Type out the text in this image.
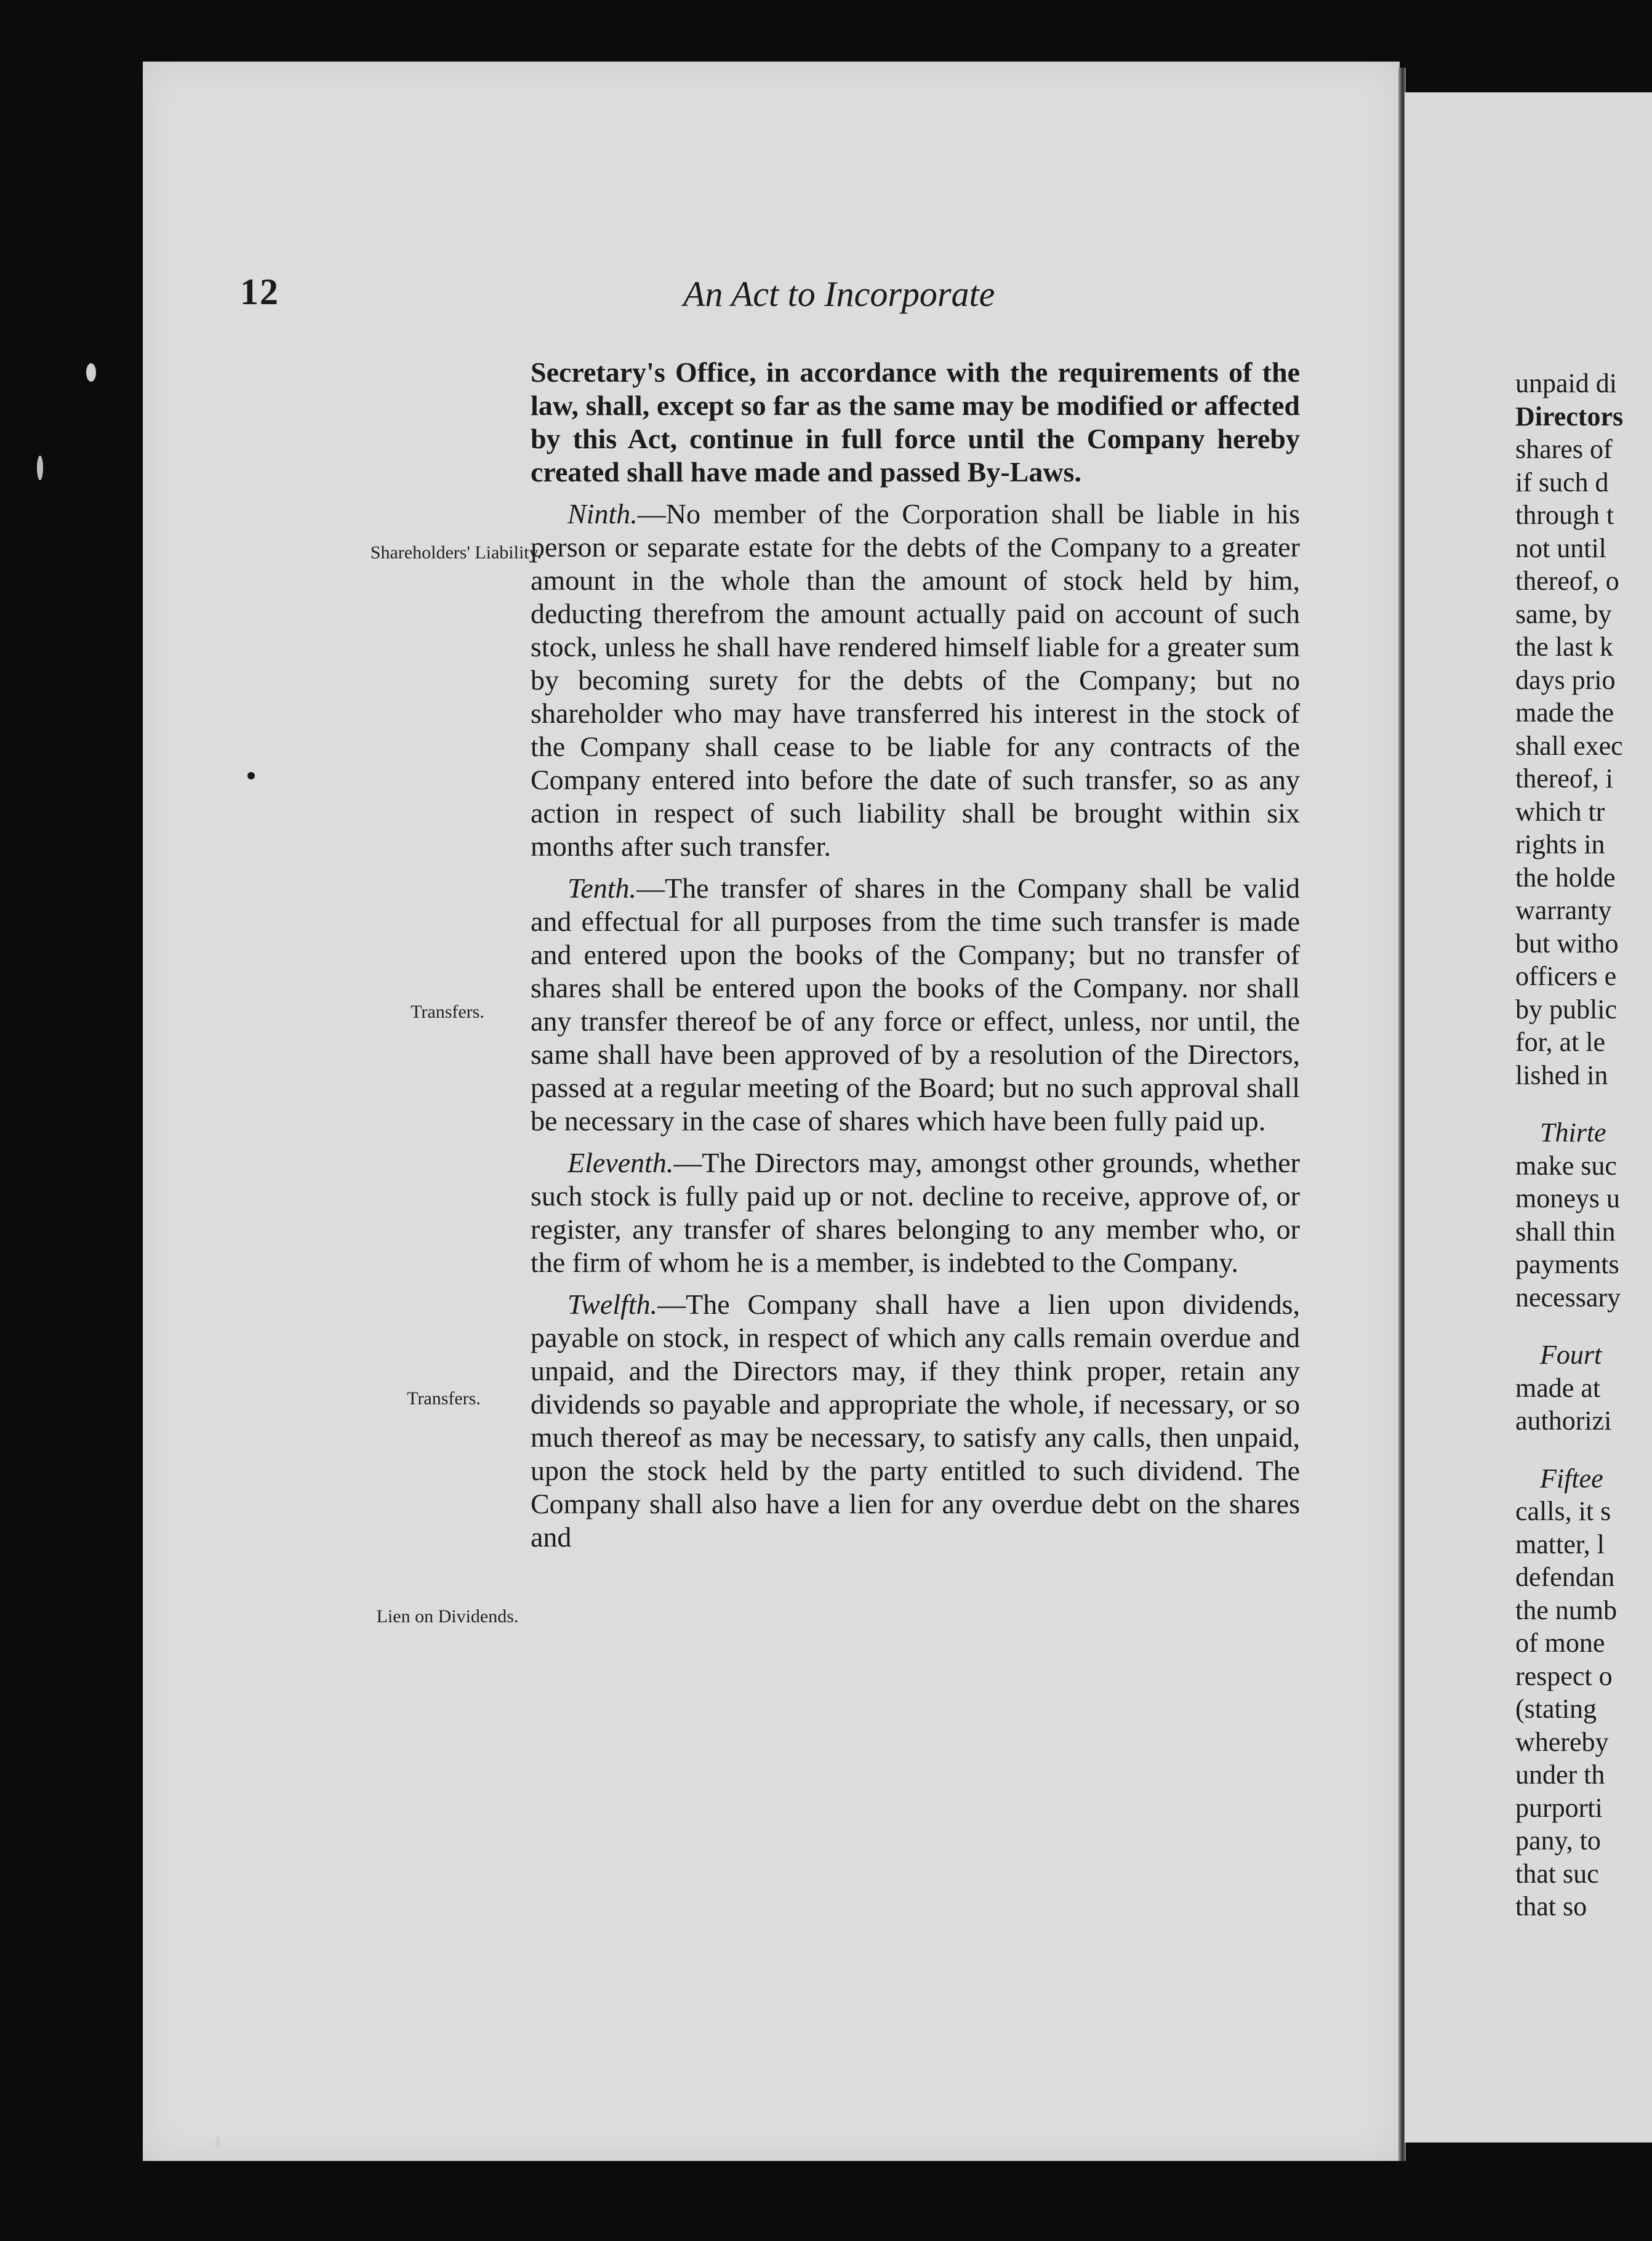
12	An Act to Incorporate

Secretary's Office, in accordance with the requirements of the law, shall, except so far as the same may be modified or affected by this Act, continue in full force until the Company hereby created shall have made and passed By-Laws.

Ninth.—No member of the Corporation shall be liable in his person or separate estate for the debts of the Company to a greater amount in the whole than the amount of stock held by him, deducting therefrom the amount actually paid on account of such stock, unless he shall have rendered himself liable for a greater sum by becoming surety for the debts of the Company; but no shareholder who may have transferred his interest in the stock of the Company shall cease to be liable for any contracts of the Company entered into before the date of such transfer, so as any action in respect of such liability shall be brought within six months after such transfer.

Tenth.—The transfer of shares in the Company shall be valid and effectual for all purposes from the time such transfer is made and entered upon the books of the Company; but no transfer of shares shall be entered upon the books of the Company. nor shall any transfer thereof be of any force or effect, unless, nor until, the same shall have been approved of by a resolution of the Directors, passed at a regular meeting of the Board; but no such approval shall be necessary in the case of shares which have been fully paid up.

Eleventh.—The Directors may, amongst other grounds, whether such stock is fully paid up or not. decline to receive, approve of, or register, any transfer of shares belonging to any member who, or the firm of whom he is a member, is indebted to the Company.

Twelfth.—The Company shall have a lien upon dividends, payable on stock, in respect of which any calls remain overdue and unpaid, and the Directors may, if they think proper, retain any dividends so payable and appropriate the whole, if necessary, or so much thereof as may be necessary, to satisfy any calls, then unpaid, upon the stock held by the party entitled to such dividend. The Company shall also have a lien for any overdue debt on the shares and

Shareholders' Liability.
Transfers.
Transfers.
Lien on Dividends.
unpaid di
Directors
shares of
if such d
through t
not until
thereof, o
same, by
the last k
days prio
made the
shall exec
thereof, i
which tr
rights in
the holde
warranty
but witho
officers e
by public
for, at le
lished in
Thirte
make suc
moneys u
shall thin
payments
necessary
Fourt
made at
authorizi
Fiftee
calls, it s
matter, l
defendan
the numb
of mone
respect o
(stating
whereby
under th
purporti
pany, to
that suc
that so
